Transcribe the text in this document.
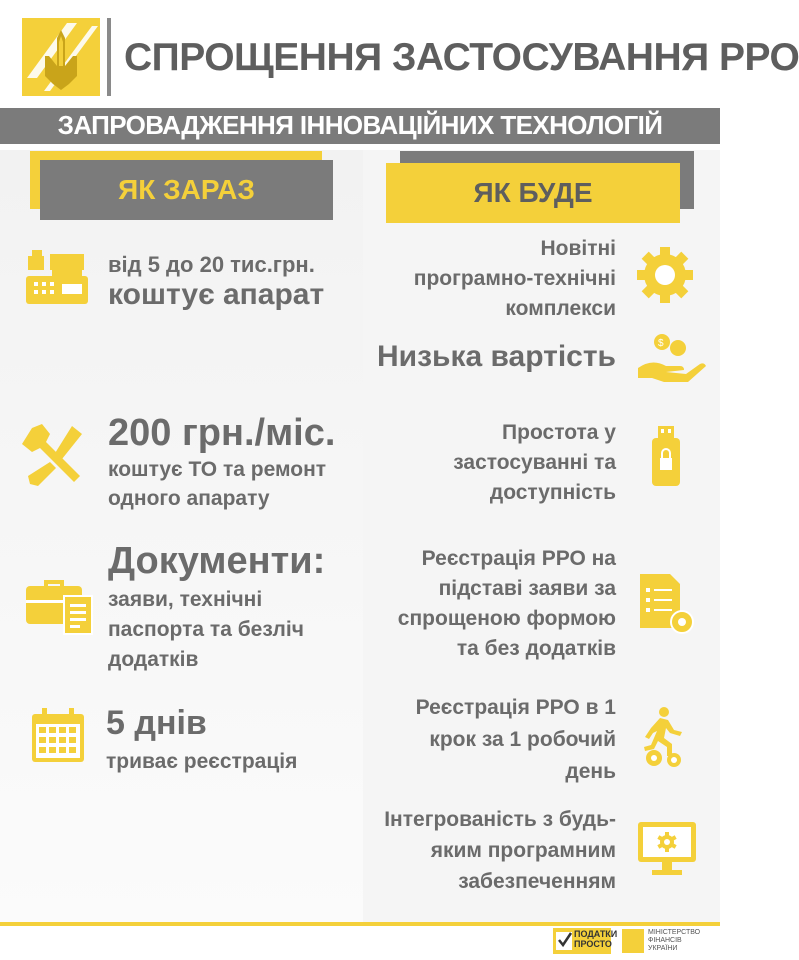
СПРОЩЕННЯ ЗАСТОСУВАННЯ РРО
ЗАПРОВАДЖЕННЯ ІННОВАЦІЙНИХ ТЕХНОЛОГІЙ
ЯК ЗАРАЗ	ЯК БУДЕ
від 5 до 20 тис.грн.
коштує апарат
200 грн./міс.
коштує ТО та ремонт
одного апарату
Документи:
заяви, технічні
паспорта та безліч
додатків
5 днів
триває реєстрація
Новітні
програмно-технічні
комплекси
Низька вартість	$
Простота у
застосуванні та
доступність
Реєстрація РРО на
підставі заяви за
спрощеною формою
та без додатків
Реєстрація РРО в 1
крок за 1 робочий
день
Інтегрованість з будь-
яким програмним
забезпеченням
ПОДАТКИ
ПРОСТО
МІНІСТЕРСТВО
ФІНАНСІВ
УКРАЇНИ
